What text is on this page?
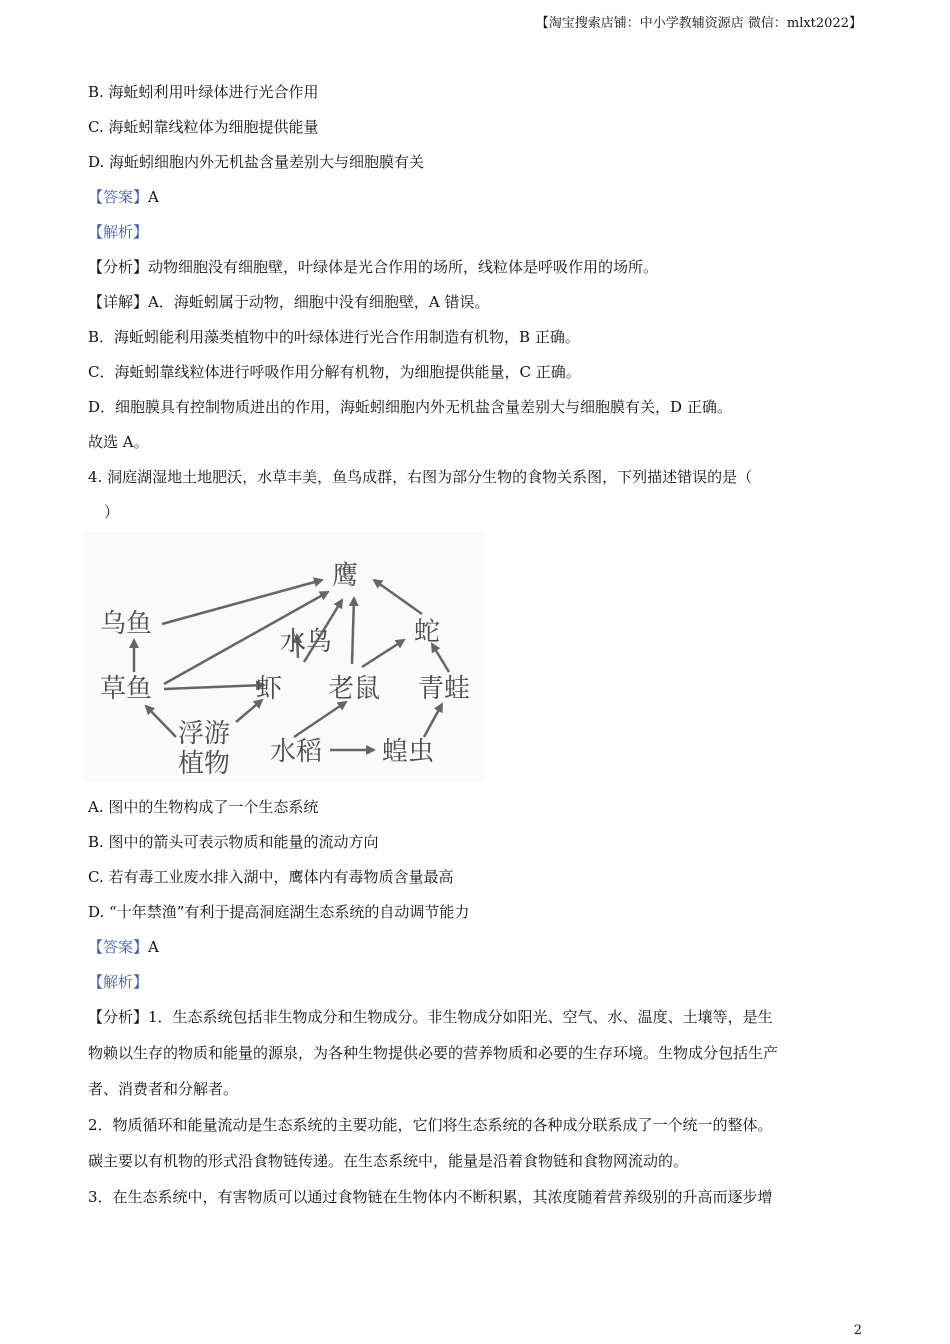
【淘宝搜索店铺：中小学教辅资源店 微信：mlxt2022】
B. 海蚯蚓利用叶绿体进行光合作用
C. 海蚯蚓靠线粒体为细胞提供能量
D. 海蚯蚓细胞内外无机盐含量差别大与细胞膜有关
【答案】A
【解析】
【分析】动物细胞没有细胞壁，叶绿体是光合作用的场所，线粒体是呼吸作用的场所。
【详解】A．海蚯蚓属于动物，细胞中没有细胞壁，A 错误。
B．海蚯蚓能利用藻类植物中的叶绿体进行光合作用制造有机物，B 正确。
C．海蚯蚓靠线粒体进行呼吸作用分解有机物，为细胞提供能量，C 正确。
D．细胞膜具有控制物质进出的作用，海蚯蚓细胞内外无机盐含量差别大与细胞膜有关，D 正确。
故选 A。
4. 洞庭湖湿地土地肥沃，水草丰美，鱼鸟成群，右图为部分生物的食物关系图，下列描述错误的是（
）
鹰
乌鱼
水鸟	蛇
草鱼	虾 老鼠 青蛙
浮游
植物 水稻 蝗虫
A. 图中的生物构成了一个生态系统
B. 图中的箭头可表示物质和能量的流动方向
C. 若有毒工业废水排入湖中，鹰体内有毒物质含量最高
D. “十年禁渔”有利于提高洞庭湖生态系统的自动调节能力
【答案】A
【解析】
【分析】1．生态系统包括非生物成分和生物成分。非生物成分如阳光、空气、水、温度、土壤等，是生
物赖以生存的物质和能量的源泉，为各种生物提供必要的营养物质和必要的生存环境。生物成分包括生产
者、消费者和分解者。
2．物质循环和能量流动是生态系统的主要功能，它们将生态系统的各种成分联系成了一个统一的整体。
碳主要以有机物的形式沿食物链传递。在生态系统中，能量是沿着食物链和食物网流动的。
3．在生态系统中，有害物质可以通过食物链在生物体内不断积累，其浓度随着营养级别的升高而逐步增
2
